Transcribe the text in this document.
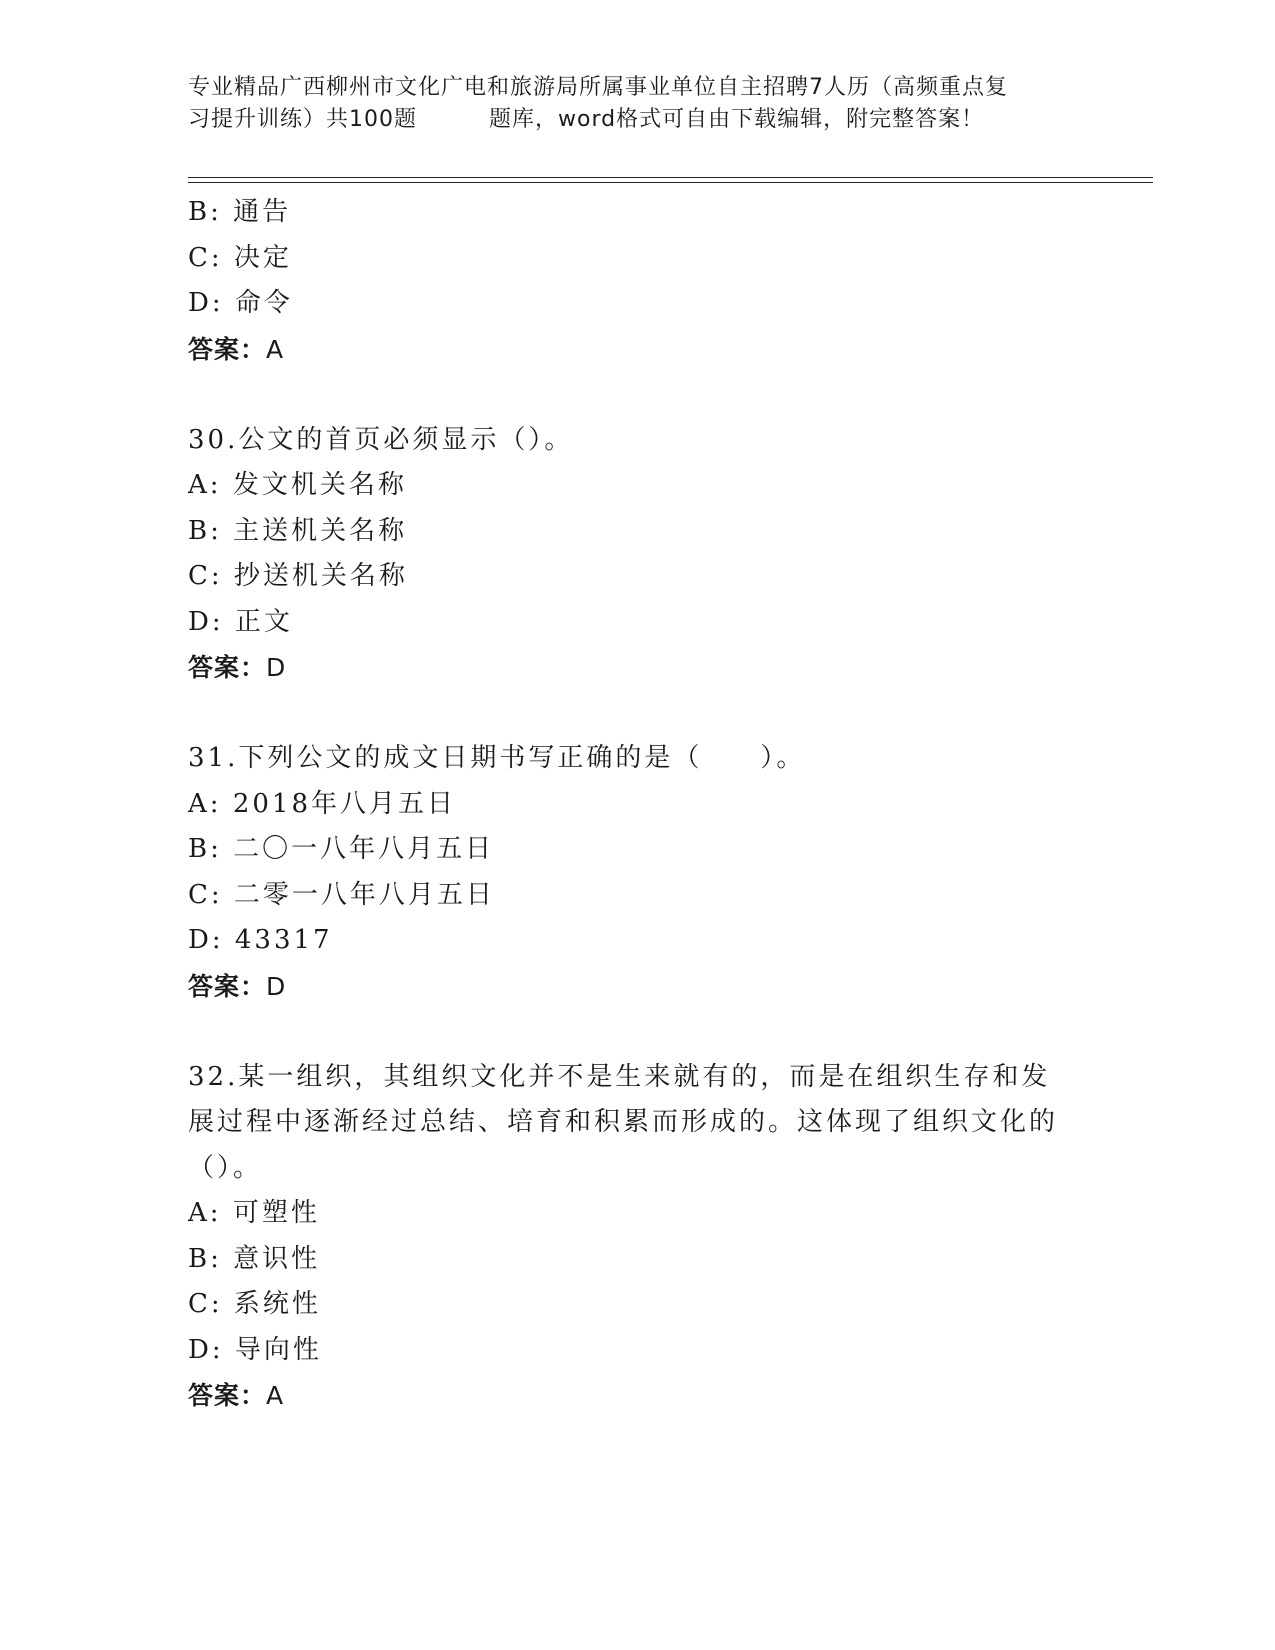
专业精品广西柳州市文化广电和旅游局所属事业单位自主招聘7人历（高频重点复
习提升训练）共100题	题库，word格式可自由下载编辑，附完整答案！
B: 通告
C: 决定
D: 命令
答案：A
30.公文的首页必须显示（）。
A: 发文机关名称
B: 主送机关名称
C: 抄送机关名称
D: 正文
答案：D
31.下列公文的成文日期书写正确的是（　　）。
A: 2018年八月五日
B: 二〇一八年八月五日
C: 二零一八年八月五日
D: 43317
答案：D
32.某一组织，其组织文化并不是生来就有的，而是在组织生存和发展过程中逐渐经过总结、培育和积累而形成的。这体现了组织文化的（）。
A: 可塑性
B: 意识性
C: 系统性
D: 导向性
答案：A
